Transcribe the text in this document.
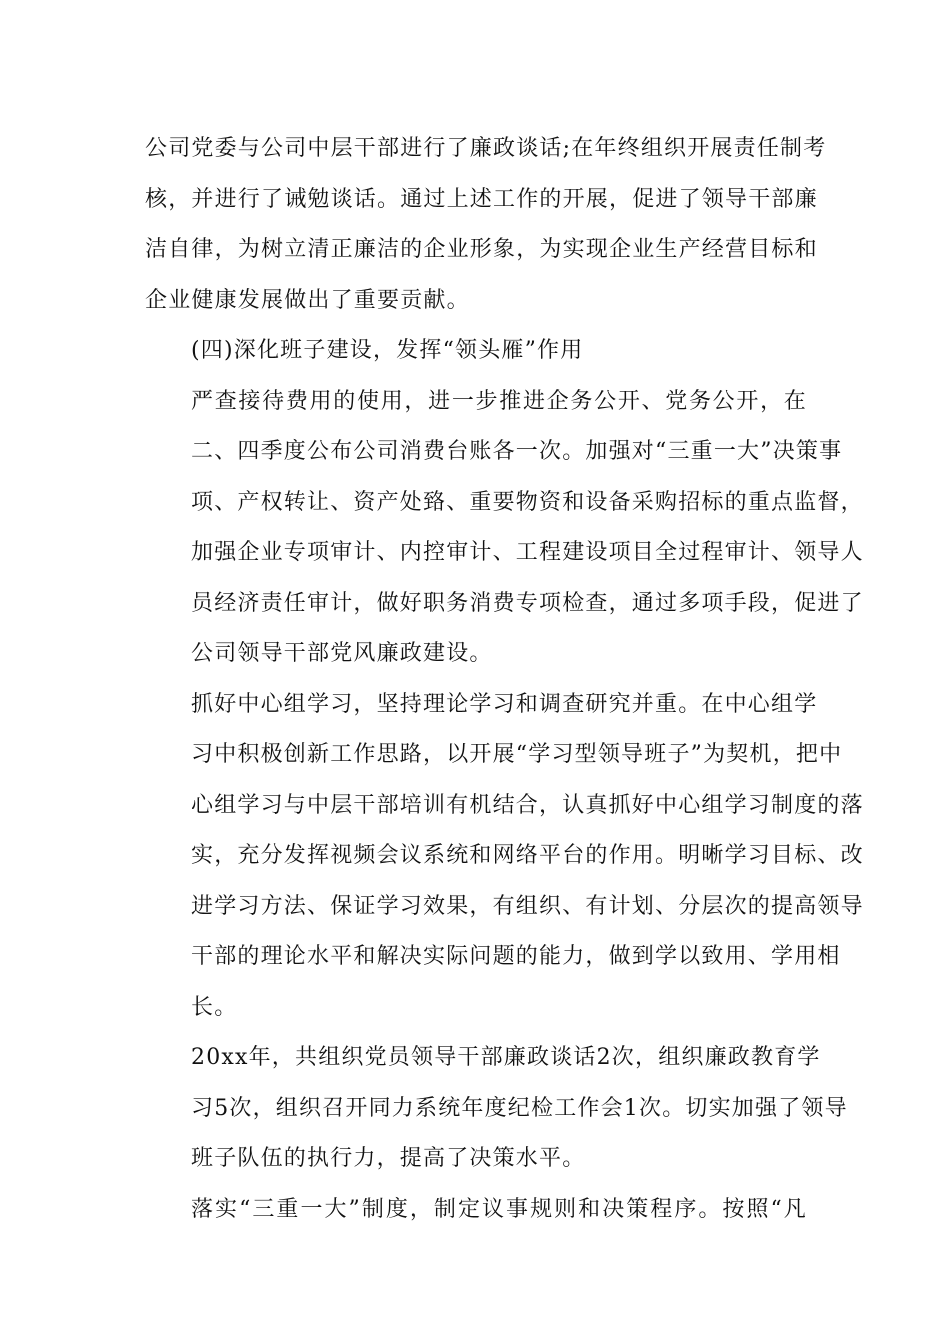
公司党委与公司中层干部进行了廉政谈话;在年终组织开展责任制考
核，并进行了诫勉谈话。通过上述工作的开展，促进了领导干部廉
洁自律，为树立清正廉洁的企业形象，为实现企业生产经营目标和
企业健康发展做出了重要贡献。

(四)深化班子建设，发挥“领头雁”作用

严查接待费用的使用，进一步推进企务公开、党务公开，在
二、四季度公布公司消费台账各一次。加强对“三重一大”决策事
项、产权转让、资产处臵、重要物资和设备采购招标的重点监督，
加强企业专项审计、内控审计、工程建设项目全过程审计、领导人
员经济责任审计，做好职务消费专项检查，通过多项手段，促进了
公司领导干部党风廉政建设。

抓好中心组学习，坚持理论学习和调查研究并重。在中心组学
习中积极创新工作思路，以开展“学习型领导班子”为契机，把中
心组学习与中层干部培训有机结合，认真抓好中心组学习制度的落
实，充分发挥视频会议系统和网络平台的作用。明晰学习目标、改
进学习方法、保证学习效果，有组织、有计划、分层次的提高领导
干部的理论水平和解决实际问题的能力，做到学以致用、学用相
长。

20xx年，共组织党员领导干部廉政谈话2次，组织廉政教育学
习5次，组织召开同力系统年度纪检工作会1次。切实加强了领导
班子队伍的执行力，提高了决策水平。

落实“三重一大”制度，制定议事规则和决策程序。按照“凡
